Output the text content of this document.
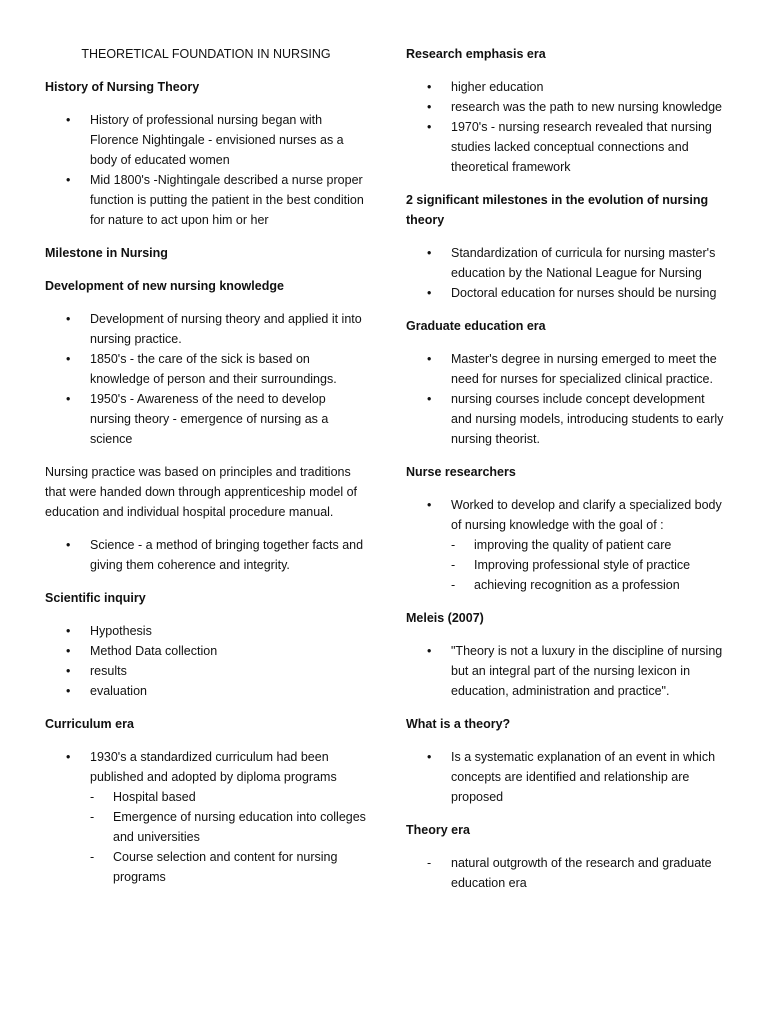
THEORETICAL FOUNDATION IN NURSING
History of Nursing Theory
• History of professional nursing began with Florence Nightingale - envisioned nurses as a body of educated women
• Mid 1800's -Nightingale described a nurse proper function is putting the patient in the best condition for nature to act upon him or her
Milestone in Nursing
Development of new nursing knowledge
• Development of nursing theory and applied it into nursing practice.
• 1850's - the care of the sick is based on knowledge of person and their surroundings.
• 1950's - Awareness of the need to develop nursing theory - emergence of nursing as a science
Nursing practice was based on principles and traditions that were handed down through apprenticeship model of education and individual hospital procedure manual.
• Science - a method of bringing together facts and giving them coherence and integrity.
Scientific inquiry
• Hypothesis
• Method Data collection
• results
• evaluation
Curriculum era
• 1930's a standardized curriculum had been published and adopted by diploma programs
- Hospital based
- Emergence of nursing education into colleges and universities
- Course selection and content for nursing programs
Research emphasis era
• higher education
• research was the path to new nursing knowledge
• 1970's - nursing research revealed that nursing studies lacked conceptual connections and theoretical framework
2 significant milestones in the evolution of nursing theory
• Standardization of curricula for nursing master's education by the National League for Nursing
• Doctoral education for nurses should be nursing
Graduate education era
• Master's degree in nursing emerged to meet the need for nurses for specialized clinical practice.
• nursing courses include concept development and nursing models, introducing students to early nursing theorist.
Nurse researchers
• Worked to develop and clarify a specialized body of nursing knowledge with the goal of :
- improving the quality of patient care
- Improving professional style of practice
- achieving recognition as a profession
Meleis (2007)
• "Theory is not a luxury in the discipline of nursing but an integral part of the nursing lexicon in education, administration and practice".
What is a theory?
• Is a systematic explanation of an event in which concepts are identified and relationship are proposed
Theory era
- natural outgrowth of the research and graduate education era
